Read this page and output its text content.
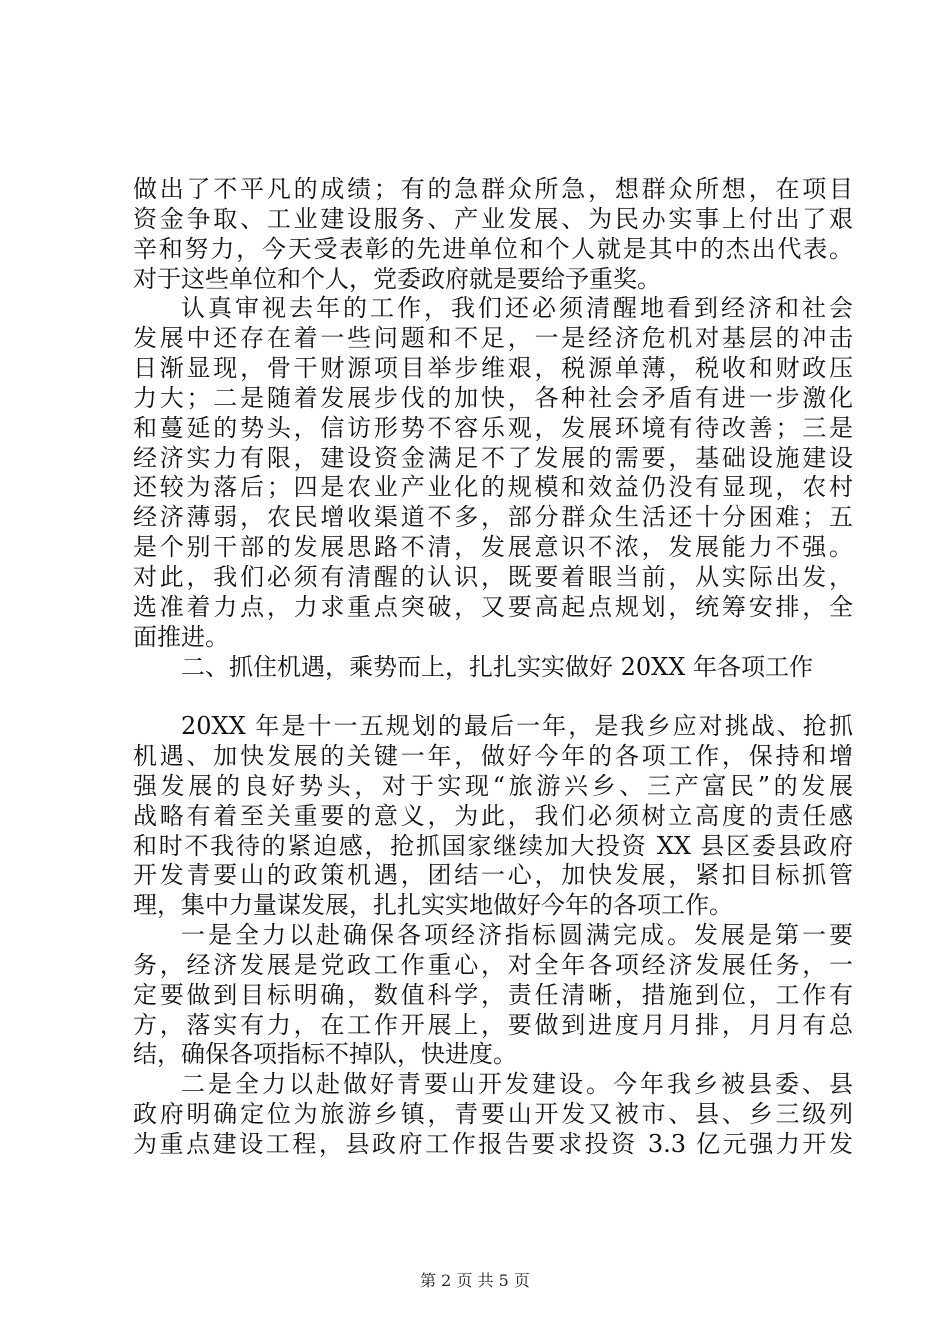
做出了不平凡的成绩；有的急群众所急，想群众所想，在项目
资金争取、工业建设服务、产业发展、为民办实事上付出了艰
辛和努力，今天受表彰的先进单位和个人就是其中的杰出代表。
对于这些单位和个人，党委政府就是要给予重奖。
认真审视去年的工作，我们还必须清醒地看到经济和社会
发展中还存在着一些问题和不足，一是经济危机对基层的冲击
日渐显现，骨干财源项目举步维艰，税源单薄，税收和财政压
力大；二是随着发展步伐的加快，各种社会矛盾有进一步激化
和蔓延的势头，信访形势不容乐观，发展环境有待改善；三是
经济实力有限，建设资金满足不了发展的需要，基础设施建设
还较为落后；四是农业产业化的规模和效益仍没有显现，农村
经济薄弱，农民增收渠道不多，部分群众生活还十分困难；五
是个别干部的发展思路不清，发展意识不浓，发展能力不强。
对此，我们必须有清醒的认识，既要着眼当前，从实际出发，
选准着力点，力求重点突破，又要高起点规划，统筹安排，全
面推进。
二、抓住机遇，乘势而上，扎扎实实做好 20XX 年各项工作
20XX 年是十一五规划的最后一年，是我乡应对挑战、抢抓
机遇、加快发展的关键一年，做好今年的各项工作，保持和增
强发展的良好势头，对于实现“旅游兴乡、三产富民”的发展
战略有着至关重要的意义，为此，我们必须树立高度的责任感
和时不我待的紧迫感，抢抓国家继续加大投资 XX 县区委县政府
开发青要山的政策机遇，团结一心，加快发展，紧扣目标抓管
理，集中力量谋发展，扎扎实实地做好今年的各项工作。
一是全力以赴确保各项经济指标圆满完成。发展是第一要
务，经济发展是党政工作重心，对全年各项经济发展任务，一
定要做到目标明确，数值科学，责任清晰，措施到位，工作有
方，落实有力，在工作开展上，要做到进度月月排，月月有总
结，确保各项指标不掉队，快进度。
二是全力以赴做好青要山开发建设。今年我乡被县委、县
政府明确定位为旅游乡镇，青要山开发又被市、县、乡三级列
为重点建设工程，县政府工作报告要求投资 3.3 亿元强力开发
第 2 页 共 5 页
